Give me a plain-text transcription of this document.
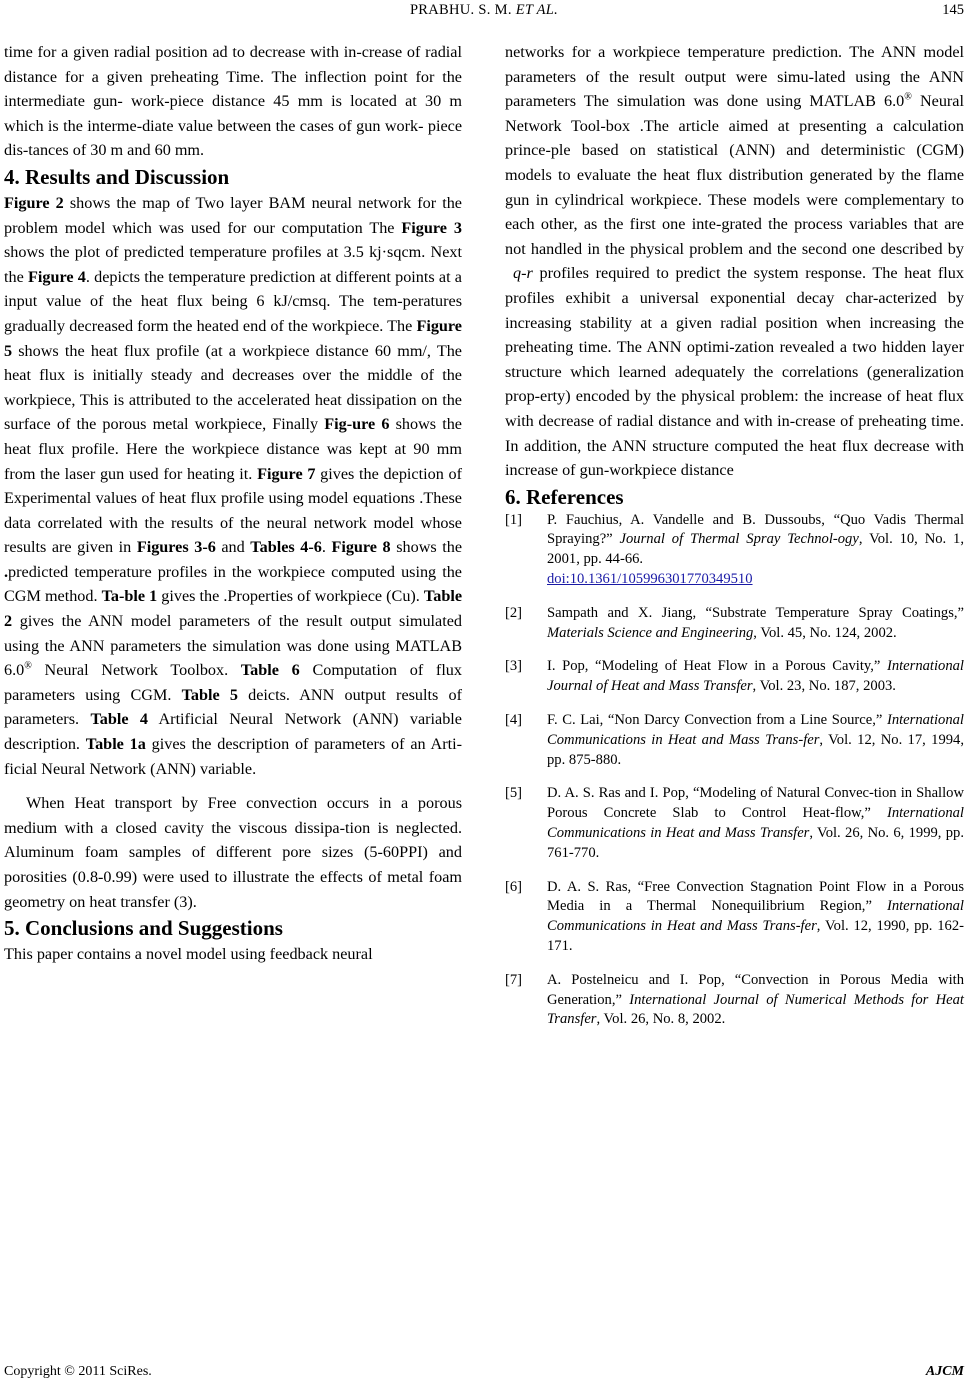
PRABHU. S. M. ET AL.	145

time for a given radial position ad to decrease with in-crease of radial distance for a given preheating Time. The inflection point for the intermediate gun- work-piece distance 45 mm is located at 30 m which is the interme-diate value between the cases of gun work- piece dis-tances of 30 m and 60 mm.

4. Results and Discussion

Figure 2 shows the map of Two layer BAM neural network for the problem model which was used for our computation The Figure 3 shows the plot of predicted temperature profiles at 3.5 kj·sqcm. Next the Figure 4. depicts the temperature prediction at different points at a input value of the heat flux being 6 kJ/cmsq. The tem-peratures gradually decreased form the heated end of the workpiece. The Figure 5 shows the heat flux profile (at a workpiece distance 60 mm/, The heat flux is initially steady and decreases over the middle of the workpiece, This is attributed to the accelerated heat dissipation on the surface of the porous metal workpiece, Finally Fig-ure 6 shows the heat flux profile. Here the workpiece distance was kept at 90 mm from the laser gun used for heating it. Figure 7 gives the depiction of Experimental values of heat flux profile using model equations .These data correlated with the results of the neural network model whose results are given in Figures 3-6 and Tables 4-6. Figure 8 shows the .predicted temperature profiles in the workpiece computed using the CGM method. Ta-ble 1 gives the .Properties of workpiece (Cu). Table 2 gives the ANN model parameters of the result output simulated using the ANN parameters the simulation was done using MATLAB 6.0® Neural Network Toolbox. Table 6 Computation of flux parameters using CGM. Table 5 deicts. ANN output results of parameters. Table 4 Artificial Neural Network (ANN) variable description. Table 1a gives the description of parameters of an Arti-ficial Neural Network (ANN) variable.

When Heat transport by Free convection occurs in a porous medium with a closed cavity the viscous dissipa-tion is neglected. Aluminum foam samples of different pore sizes (5-60PPI) and porosities (0.8-0.99) were used to illustrate the effects of metal foam geometry on heat transfer (3).

5. Conclusions and Suggestions

This paper contains a novel model using feedback neural

networks for a workpiece temperature prediction. The ANN model parameters of the result output were simu-lated using the ANN parameters The simulation was done using MATLAB 6.0® Neural Network Tool-box .The article aimed at presenting a calculation prince-ple based on statistical (ANN) and deterministic (CGM) models to evaluate the heat flux distribution generated by the flame gun in cylindrical workpiece. These models were complementary to each other, as the first one inte-grated the process variables that are not handled in the physical problem and the second one described by q-r profiles required to predict the system response. The heat flux profiles exhibit a universal exponential decay char-acterized by increasing stability at a given radial position when increasing the preheating time. The ANN optimi-zation revealed a two hidden layer structure which learned adequately the correlations (generalization prop-erty) encoded by the physical problem: the increase of heat flux with decrease of radial distance and with in-crease of preheating time. In addition, the ANN structure computed the heat flux decrease with increase of gun-workpiece distance

6. References
[1] P. Fauchius, A. Vandelle and B. Dussoubs, “Quo Vadis Thermal Spraying?” Journal of Thermal Spray Technol-ogy, Vol. 10, No. 1, 2001, pp. 44-66.
doi:10.1361/105996301770349510
[2] Sampath and X. Jiang, “Substrate Temperature Spray Coatings,” Materials Science and Engineering, Vol. 45, No. 124, 2002.
[3] I. Pop, “Modeling of Heat Flow in a Porous Cavity,” International Journal of Heat and Mass Transfer, Vol. 23, No. 187, 2003.
[4] F. C. Lai, “Non Darcy Convection from a Line Source,” International Communications in Heat and Mass Trans-fer, Vol. 12, No. 17, 1994, pp. 875-880.
[5] D. A. S. Ras and I. Pop, “Modeling of Natural Convec-tion in Shallow Porous Concrete Slab to Control Heat-flow,” International Communications in Heat and Mass Transfer, Vol. 26, No. 6, 1999, pp. 761-770.
[6] D. A. S. Ras, “Free Convection Stagnation Point Flow in a Porous Media in a Thermal Nonequilibrium Region,” International Communications in Heat and Mass Trans-fer, Vol. 12, 1990, pp. 162-171.
[7] A. Postelneicu and I. Pop, “Convection in Porous Media with Generation,” International Journal of Numerical Methods for Heat Transfer, Vol. 26, No. 8, 2002.
Copyright © 2011 SciRes.	AJCM
